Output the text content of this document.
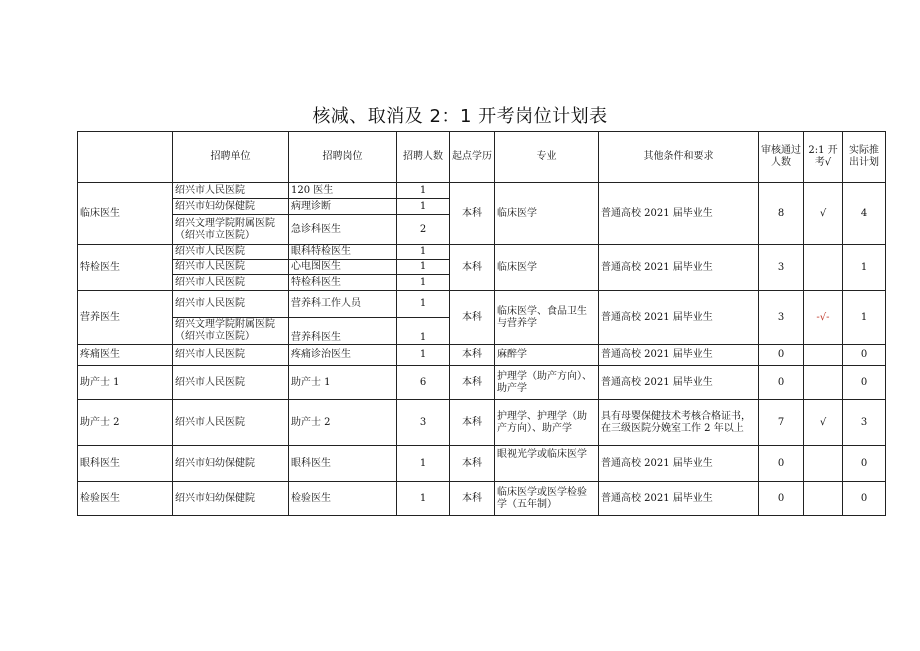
核减、取消及 2：1 开考岗位计划表
	招聘单位	招聘岗位	招聘人数	起点学历	专业	其他条件和要求	审核通过人数	2:1 开考√	实际推出计划
临床医生	绍兴市人民医院	120 医生	1	本科	临床医学	普通高校 2021 届毕业生	8	√	4
	绍兴市妇幼保健院	病理诊断	1						
	绍兴文理学院附属医院（绍兴市立医院）	急诊科医生	2						
特检医生	绍兴市人民医院	眼科特检医生	1	本科	临床医学	普通高校 2021 届毕业生	3		1
	绍兴市人民医院	心电图医生	1						
	绍兴市人民医院	特检科医生	1						
营养医生	绍兴市人民医院	营养科工作人员	1	本科	临床医学、食品卫生与营养学	普通高校 2021 届毕业生	3	-√-	1
	绍兴文理学院附属医院（绍兴市立医院）	营养科医生	1						
疼痛医生	绍兴市人民医院	疼痛诊治医生	1	本科	麻醉学	普通高校 2021 届毕业生	0		0
助产士 1	绍兴市人民医院	助产士 1	6	本科	护理学（助产方向）、助产学	普通高校 2021 届毕业生	0		0
助产士 2	绍兴市人民医院	助产士 2	3	本科	护理学、护理学（助产方向）、助产学	具有母婴保健技术考核合格证书，在三级医院分娩室工作 2 年以上	7	√	3
眼科医生	绍兴市妇幼保健院	眼科医生	1	本科	眼视光学或临床医学	普通高校 2021 届毕业生	0		0
检验医生	绍兴市妇幼保健院	检验医生	1	本科	临床医学或医学检验学（五年制）	普通高校 2021 届毕业生	0		0
